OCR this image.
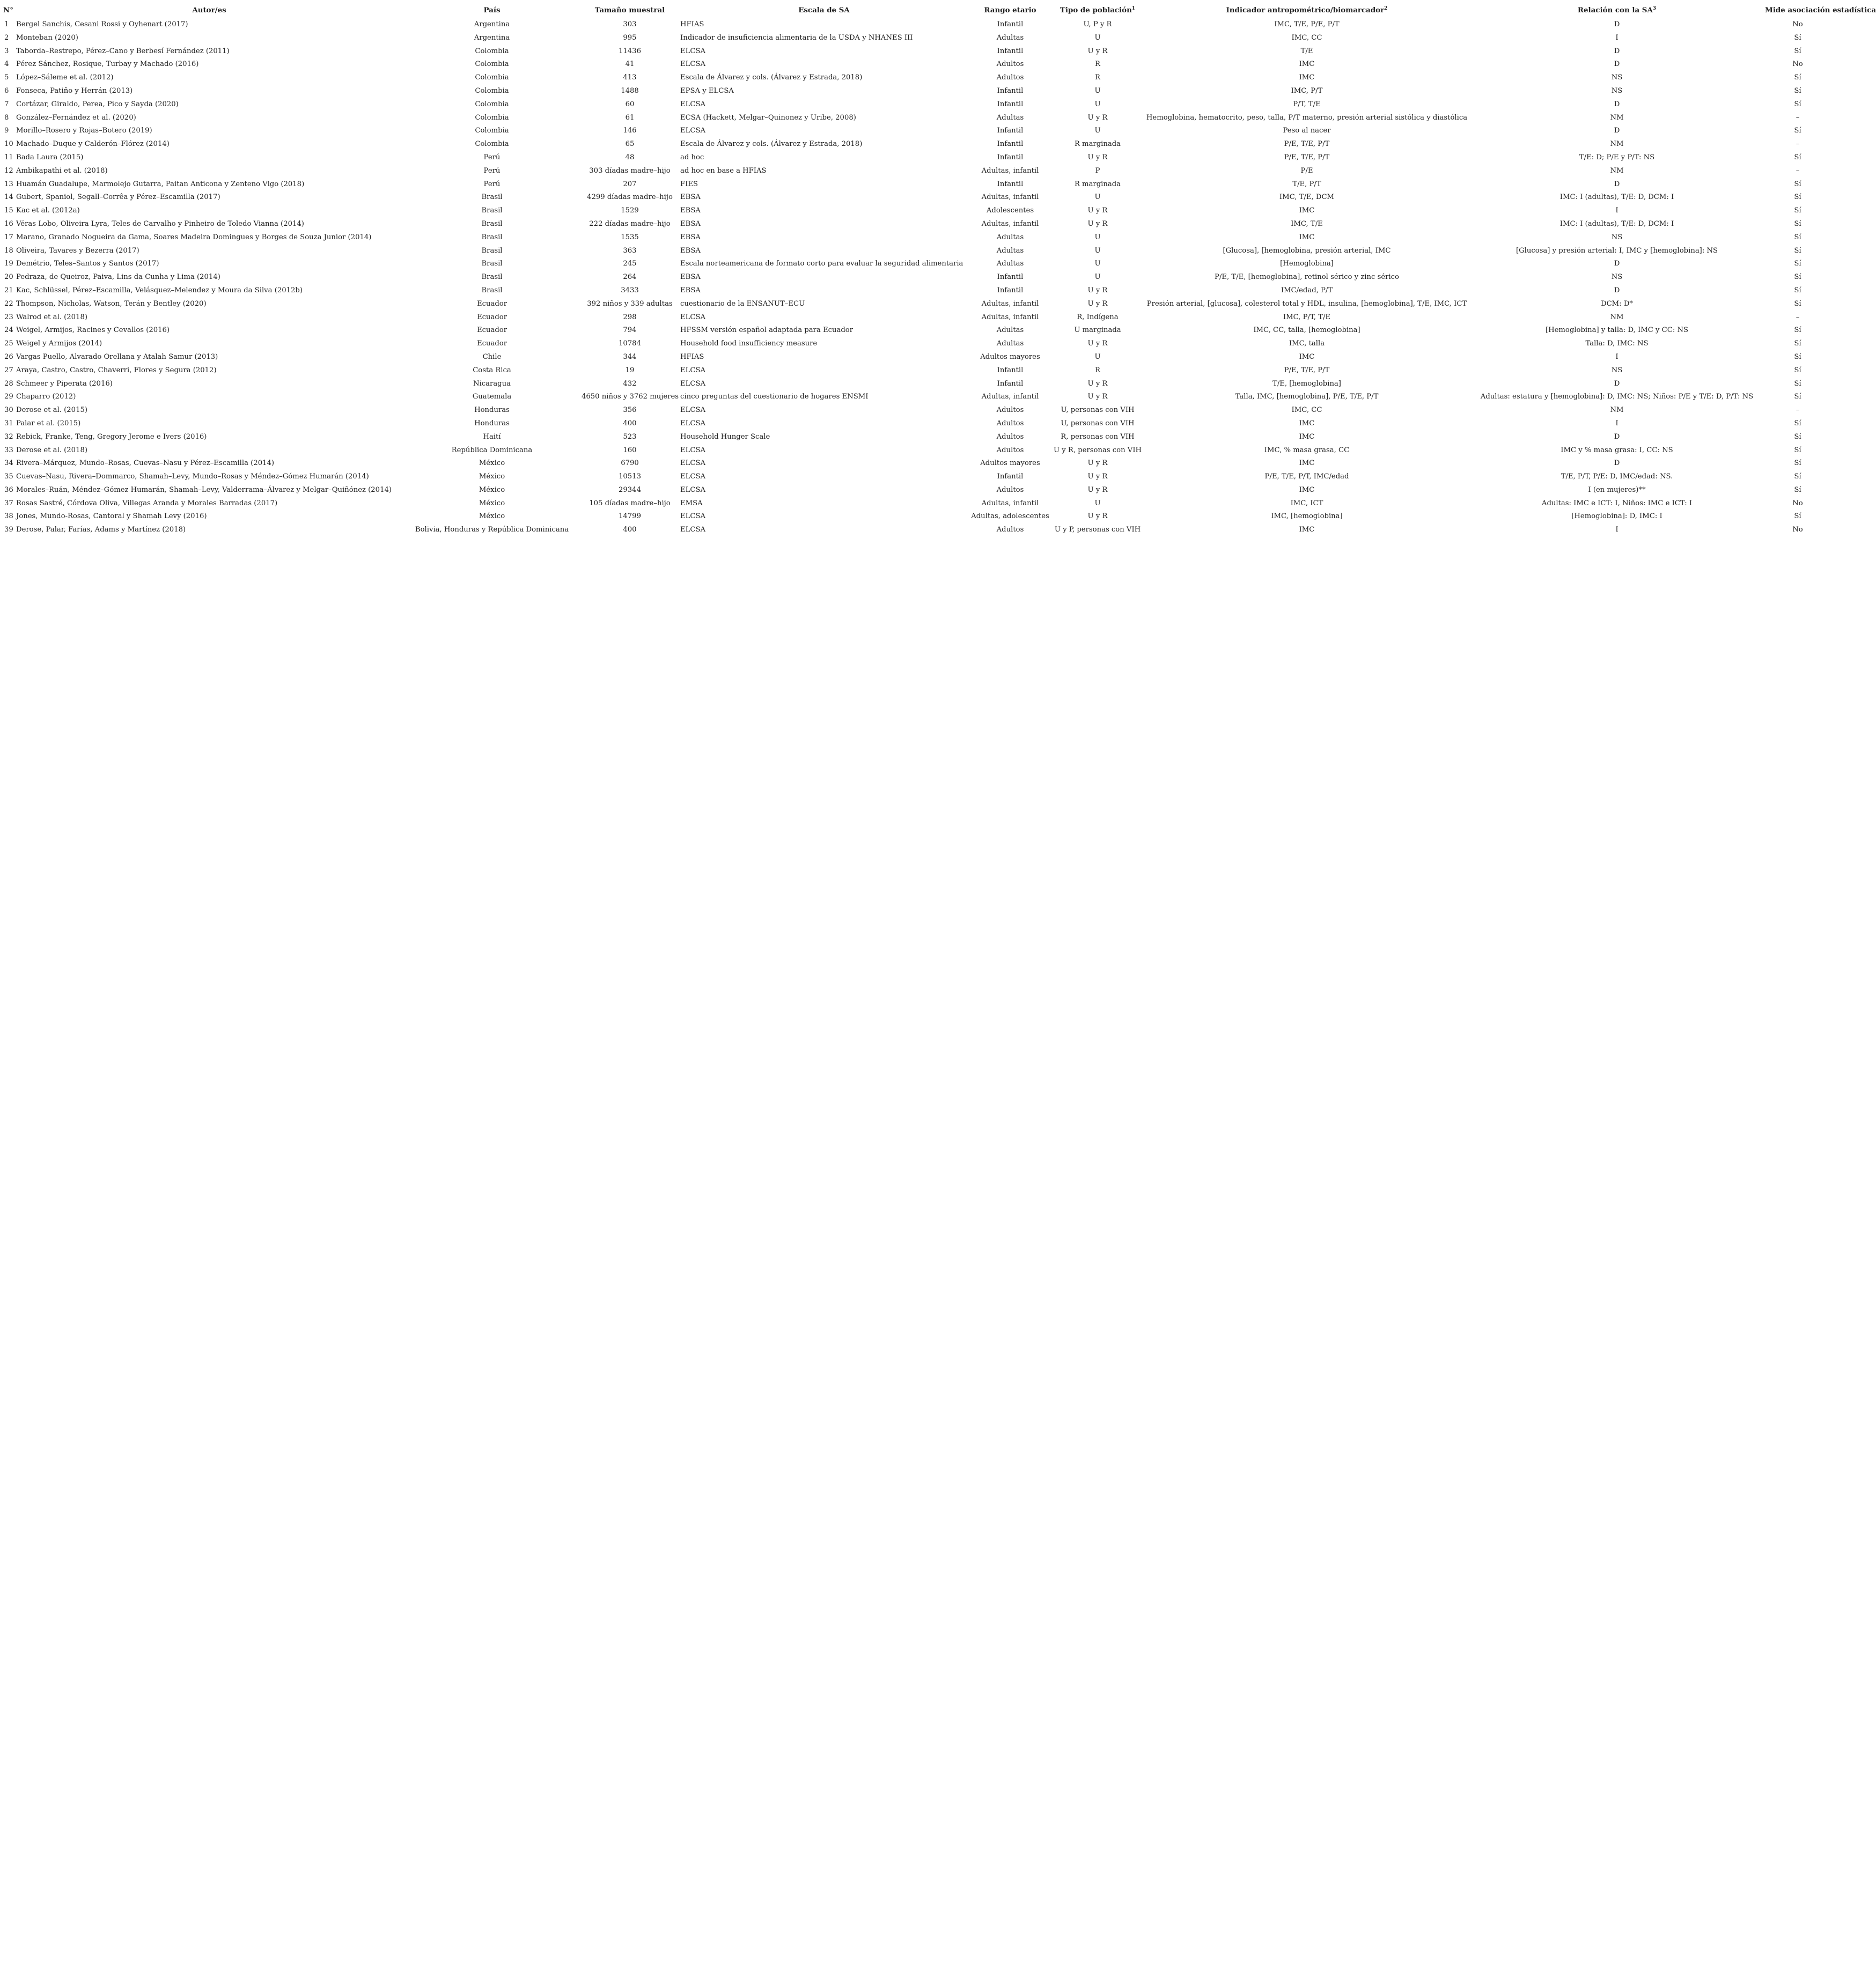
N°	Autor/es	País	Tamaño muestral	Escala de SA	Rango etario	Tipo de población$^1$	Indicador antropométrico/biomarcador$^2$	Relación con la $SA^3$	Mide asociación estadística
1	Bergel Sanchis, Cesani Rossi y Oyhenart (2017)	Argentina	303	HFIAS	Infantil	U, P y R	IMC, T/E, P/E, P/T	D	No
2	Monteban (2020)	Argentina	995	Indicador de insuficiencia alimentaria de la USDA y NHANES III	Adultas	U	IMC, CC	I	Sí
3	Taborda–Restrepo, Pérez–Cano y Berbesí Fernández (2011)	Colombia	11436	ELCSA	Infantil	U y R	T/E	D	Sí
4	Pérez Sánchez, Rosique, Turbay y Machado (2016)	Colombia	41	ELCSA	Adultos	R	IMC	D	No
5	López–Sáleme et al. (2012)	Colombia	413	Escala de Álvarez y cols. (Álvarez y Estrada, 2018)	Adultos	R	IMC	NS	Sí
6	Fonseca, Patiño y Herrán (2013)	Colombia	1488	EPSA y ELCSA	Infantil	U	IMC, P/T	NS	Sí
7	Cortázar, Giraldo, Perea, Pico y Sayda (2020)	Colombia	60	ELCSA	Infantil	U	P/T, T/E	D	Sí
8	González–Fernández et al. (2020)	Colombia	61	ECSA (Hackett, Melgar–Quinonez y Uribe, 2008)	Adultas	U y R	Hemoglobina, hematocrito, peso, talla, P/T materno, presión arterial sistólica y diastólica	NM	–
9	Morillo–Rosero y Rojas–Botero (2019)	Colombia	146	ELCSA	Infantil	U	Peso al nacer	D	Sí
10	Machado–Duque y Calderón–Flórez (2014)	Colombia	65	Escala de Álvarez y cols. (Álvarez y Estrada, 2018)	Infantil	R marginada	P/E, T/E, P/T	NM	–
11	Bada Laura (2015)	Perú	48	ad hoc	Infantil	U y R	P/E, T/E, P/T	T/E: D; P/E y P/T: NS	Sí
12	Ambikapathi et al. (2018)	Perú	303 díadas madre–hijo	ad hoc en base a HFIAS	Adultas, infantil	P	P/E	NM	–
13	Huamán Guadalupe, Marmolejo Gutarra, Paitan Anticona y Zenteno Vigo (2018)	Perú	207	FIES	Infantil	R marginada	T/E, P/T	D	Sí
14	Gubert, Spaniol, Segall–Corrêa y Pérez–Escamilla (2017)	Brasil	4299 díadas madre–hijo	EBSA	Adultas, infantil	U	IMC, T/E, DCM	IMC: I (adultas), T/E: D, DCM: I	Sí
15	Kac et al. (2012a)	Brasil	1529	EBSA	Adolescentes	U y R	IMC	I	Sí
16	Véras Lobo, Oliveira Lyra, Teles de Carvalho y Pinheiro de Toledo Vianna (2014)	Brasil	222 díadas madre–hijo	EBSA	Adultas, infantil	U y R	IMC, T/E	IMC: I (adultas), T/E: D, DCM: I	Sí
17	Marano, Granado Nogueira da Gama, Soares Madeira Domingues y Borges de Souza Junior (2014)	Brasil	1535	EBSA	Adultas	U	IMC	NS	Sí
18	Oliveira, Tavares y Bezerra (2017)	Brasil	363	EBSA	Adultas	U	[Glucosa], [hemoglobina, presión arterial, IMC	[Glucosa] y presión arterial: I, IMC y [hemoglobina]: NS	Sí
19	Demétrio, Teles–Santos y Santos (2017)	Brasil	245	Escala norteamericana de formato corto para evaluar la seguridad alimentaria	Adultas	U	[Hemoglobina]	D	Sí
20	Pedraza, de Queiroz, Paiva, Lins da Cunha y Lima (2014)	Brasil	264	EBSA	Infantil	U	P/E, T/E, [hemoglobina], retinol sérico y zinc sérico	NS	Sí
21	Kac, Schlüssel, Pérez–Escamilla, Velásquez–Melendez y Moura da Silva (2012b)	Brasil	3433	EBSA	Infantil	U y R	IMC/edad, P/T	D	Sí
22	Thompson, Nicholas, Watson, Terán y Bentley (2020)	Ecuador	392 niños y 339 adultas	cuestionario de la ENSANUT–ECU	Adultas, infantil	U y R	Presión arterial, [glucosa], colesterol total y HDL, insulina, [hemoglobina], T/E, IMC, ICT	DCM: D*	Sí
23	Walrod et al. (2018)	Ecuador	298	ELCSA	Adultas, infantil	R, Indígena	IMC, P/T, T/E	NM	–
24	Weigel, Armijos, Racines y Cevallos (2016)	Ecuador	794	HFSSM versión español adaptada para Ecuador	Adultas	U marginada	IMC, CC, talla, [hemoglobina]	[Hemoglobina] y talla: D, IMC y CC: NS	Sí
25	Weigel y Armijos (2014)	Ecuador	10784	Household food insufficiency measure	Adultas	U y R	IMC, talla	Talla: D, IMC: NS	Sí
26	Vargas Puello, Alvarado Orellana y Atalah Samur (2013)	Chile	344	HFIAS	Adultos mayores	U	IMC	I	Sí
27	Araya, Castro, Castro, Chaverri, Flores y Segura (2012)	Costa Rica	19	ELCSA	Infantil	R	P/E, T/E, P/T	NS	Sí
28	Schmeer y Piperata (2016)	Nicaragua	432	ELCSA	Infantil	U y R	T/E, [hemoglobina]	D	Sí
29	Chaparro (2012)	Guatemala	4650 niños y 3762 mujeres	cinco preguntas del cuestionario de hogares ENSMI	Adultas, infantil	U y R	Talla, IMC, [hemoglobina], P/E, T/E, P/T	Adultas: estatura y [hemoglobina]: D, IMC: NS; Niños: P/E y T/E: D, P/T: NS	Sí
30	Derose et al. (2015)	Honduras	356	ELCSA	Adultos	U, personas con VIH	IMC, CC	NM	–
31	Palar et al. (2015)	Honduras	400	ELCSA	Adultos	U, personas con VIH	IMC	I	Sí
32	Rebick, Franke, Teng, Gregory Jerome e Ivers (2016)	Haití	523	Household Hunger Scale	Adultos	R, personas con VIH	IMC	D	Sí
33	Derose et al. (2018)	República Dominicana	160	ELCSA	Adultos	U y R, personas con VIH	IMC, % masa grasa, CC	IMC y % masa grasa: I, CC: NS	Sí
34	Rivera–Márquez, Mundo–Rosas, Cuevas–Nasu y Pérez–Escamilla (2014)	México	6790	ELCSA	Adultos mayores	U y R	IMC	D	Sí
35	Cuevas–Nasu, Rivera–Dommarco, Shamah–Levy, Mundo–Rosas y Méndez–Gómez Humarán (2014)	México	10513	ELCSA	Infantil	U y R	P/E, T/E, P/T, IMC/edad	T/E, P/T, P/E: D, IMC/edad: NS.	Sí
36	Morales–Ruán, Méndez–Gómez Humarán, Shamah–Levy, Valderrama–Álvarez y Melgar–Quiñónez (2014)	México	29344	ELCSA	Adultos	U y R	IMC	I (en mujeres)**	Sí
37	Rosas Sastré, Córdova Oliva, Villegas Aranda y Morales Barradas (2017)	México	105 díadas madre–hijo	EMSA	Adultas, infantil	U	IMC, ICT	Adultas: IMC e ICT: I, Niños: IMC e ICT: I	No
38	Jones, Mundo-Rosas, Cantoral y Shamah Levy (2016)	México	14799	ELCSA	Adultas, adolescentes	U y R	IMC, [hemoglobina]	[Hemoglobina]: D, IMC: I	Sí
39	Derose, Palar, Farías, Adams y Martínez (2018)	Bolivia, Honduras y República Dominicana	400	ELCSA	Adultos	U y P, personas con VIH	IMC	I	No
